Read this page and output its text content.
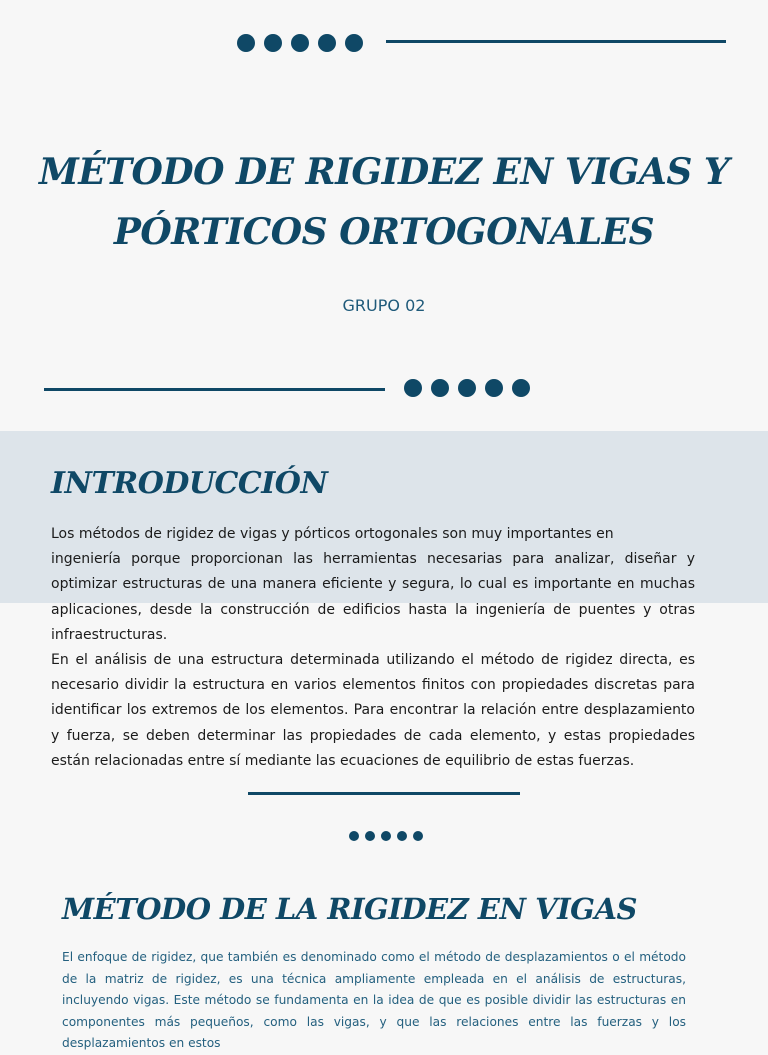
MÉTODO DE RIGIDEZ EN VIGAS Y
PÓRTICOS ORTOGONALES
GRUPO 02
INTRODUCCIÓN

Los métodos de rigidez de vigas y pórticos ortogonales son muy importantes en

ingeniería porque proporcionan las herramientas necesarias para analizar, diseñar y optimizar estructuras de una manera eficiente y segura, lo cual es importante en muchas aplicaciones, desde la construcción de edificios hasta la ingeniería de puentes y otras infraestructuras.

En el análisis de una estructura determinada utilizando el método de rigidez directa, es necesario dividir la estructura en varios elementos finitos con propiedades discretas para identificar los extremos de los elementos. Para encontrar la relación entre desplazamiento y fuerza, se deben determinar las propiedades de cada elemento, y estas propiedades están relacionadas entre sí mediante las ecuaciones de equilibrio de estas fuerzas.

MÉTODO DE LA RIGIDEZ EN VIGAS
El enfoque de rigidez, que también es denominado como el método de desplazamientos o el método de la matriz de rigidez, es una técnica ampliamente empleada en el análisis de estructuras, incluyendo vigas. Este método se fundamenta en la idea de que es posible dividir las estructuras en componentes más pequeños, como las vigas, y que las relaciones entre las fuerzas y los desplazamientos en estos
